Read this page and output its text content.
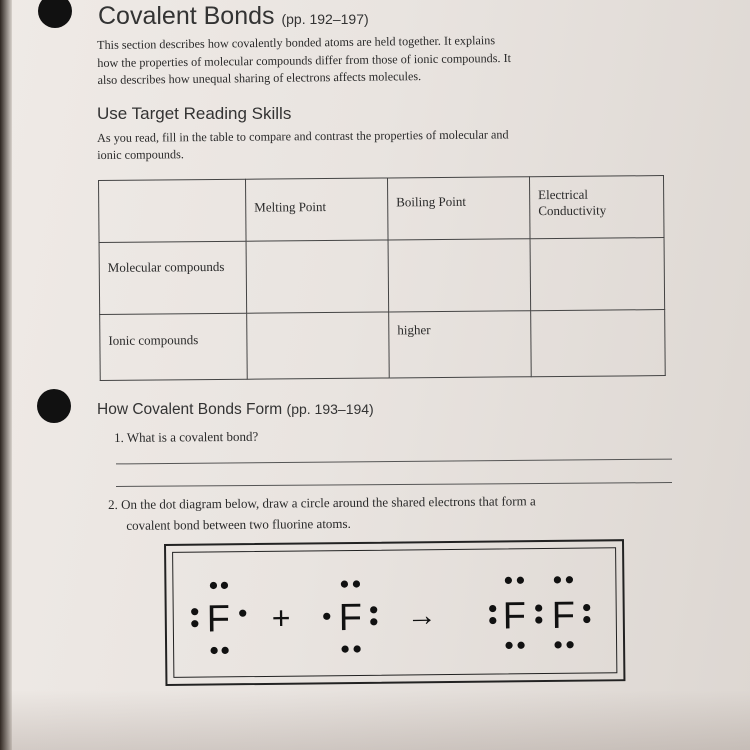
Covalent Bonds (pp. 192–197)
This section describes how covalently bonded atoms are held together. It explains
how the properties of molecular compounds differ from those of ionic compounds. It
also describes how unequal sharing of electrons affects molecules.
Use Target Reading Skills
As you read, fill in the table to compare and contrast the properties of molecular and
ionic compounds.
	Melting Point	Boiling Point	Electrical Conductivity
Molecular compounds			
Ionic compounds		higher	
How Covalent Bonds Form (pp. 193–194)
1. What is a covalent bond?
2. On the dot diagram below, draw a circle around the shared electrons that form a
covalent bond between two fluorine atoms.
F + F → F F
